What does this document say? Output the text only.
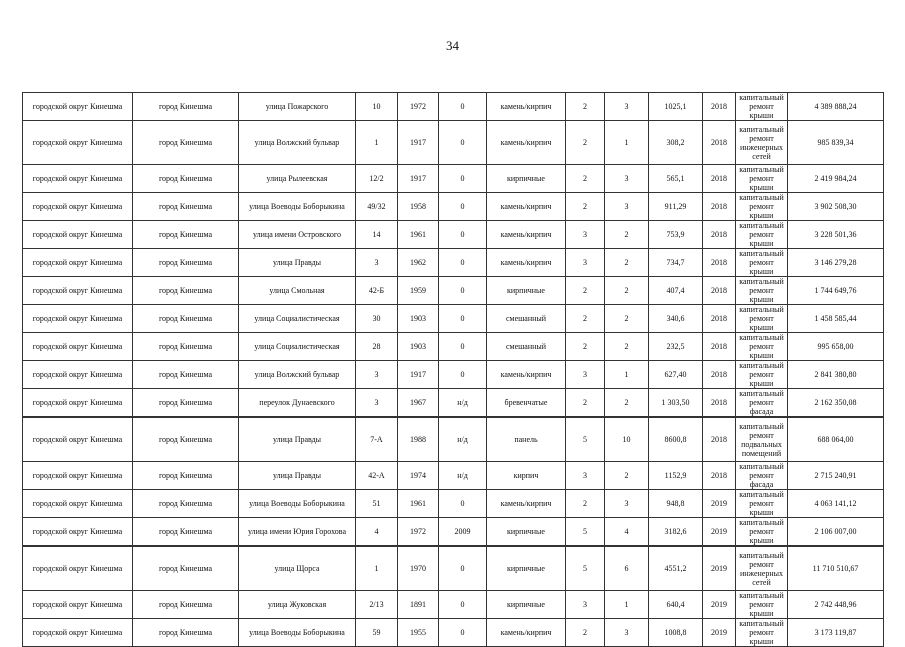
34
городской округ Кинешма	город Кинешма	улица Пожарского	10	1972	0	камень/кирпич	2	3	1025,1	2018	капитальный ремонт крыши	4 389 888,24
городской округ Кинешма	город Кинешма	улица Волжский бульвар	1	1917	0	камень/кирпич	2	1	308,2	2018	капитальный ремонт инженерных сетей	985 839,34
городской округ Кинешма	город Кинешма	улица Рылеевская	12/2	1917	0	кирпичные	2	3	565,1	2018	капитальный ремонт крыши	2 419 984,24
городской округ Кинешма	город Кинешма	улица Воеводы Боборыкина	49/32	1958	0	камень/кирпич	2	3	911,29	2018	капитальный ремонт крыши	3 902 508,30
городской округ Кинешма	город Кинешма	улица имени Островского	14	1961	0	камень/кирпич	3	2	753,9	2018	капитальный ремонт крыши	3 228 501,36
городской округ Кинешма	город Кинешма	улица Правды	3	1962	0	камень/кирпич	3	2	734,7	2018	капитальный ремонт крыши	3 146 279,28
городской округ Кинешма	город Кинешма	улица Смольная	42-Б	1959	0	кирпичные	2	2	407,4	2018	капитальный ремонт крыши	1 744 649,76
городской округ Кинешма	город Кинешма	улица Социалистическая	30	1903	0	смешанный	2	2	340,6	2018	капитальный ремонт крыши	1 458 585,44
городской округ Кинешма	город Кинешма	улица Социалистическая	28	1903	0	смешанный	2	2	232,5	2018	капитальный ремонт крыши	995 658,00
городской округ Кинешма	город Кинешма	улица Волжский бульвар	3	1917	0	камень/кирпич	3	1	627,40	2018	капитальный ремонт крыши	2 841 380,80
городской округ Кинешма	город Кинешма	переулок Дунаевского	3	1967	н/д	бревенчатые	2	2	1 303,50	2018	капитальный ремонт фасада	2 162 350,08
городской округ Кинешма	город Кинешма	улица Правды	7-А	1988	н/д	панель	5	10	8600,8	2018	капитальный ремонт подвальных помещений	688 064,00
городской округ Кинешма	город Кинешма	улица Правды	42-А	1974	н/д	кирпич	3	2	1152,9	2018	капитальный ремонт фасада	2 715 240,91
городской округ Кинешма	город Кинешма	улица Воеводы Боборыкина	51	1961	0	камень/кирпич	2	3	948,8	2019	капитальный ремонт крыши	4 063 141,12
городской округ Кинешма	город Кинешма	улица имени Юрия Горохова	4	1972	2009	кирпичные	5	4	3182,6	2019	капитальный ремонт крыши	2 106 007,00
городской округ Кинешма	город Кинешма	улица Щорса	1	1970	0	кирпичные	5	6	4551,2	2019	капитальный ремонт инженерных сетей	11 710 510,67
городской округ Кинешма	город Кинешма	улица Жуковская	2/13	1891	0	кирпичные	3	1	640,4	2019	капитальный ремонт крыши	2 742 448,96
городской округ Кинешма	город Кинешма	улица Воеводы Боборыкина	59	1955	0	камень/кирпич	2	3	1008,8	2019	капитальный ремонт крыши	3 173 119,87
